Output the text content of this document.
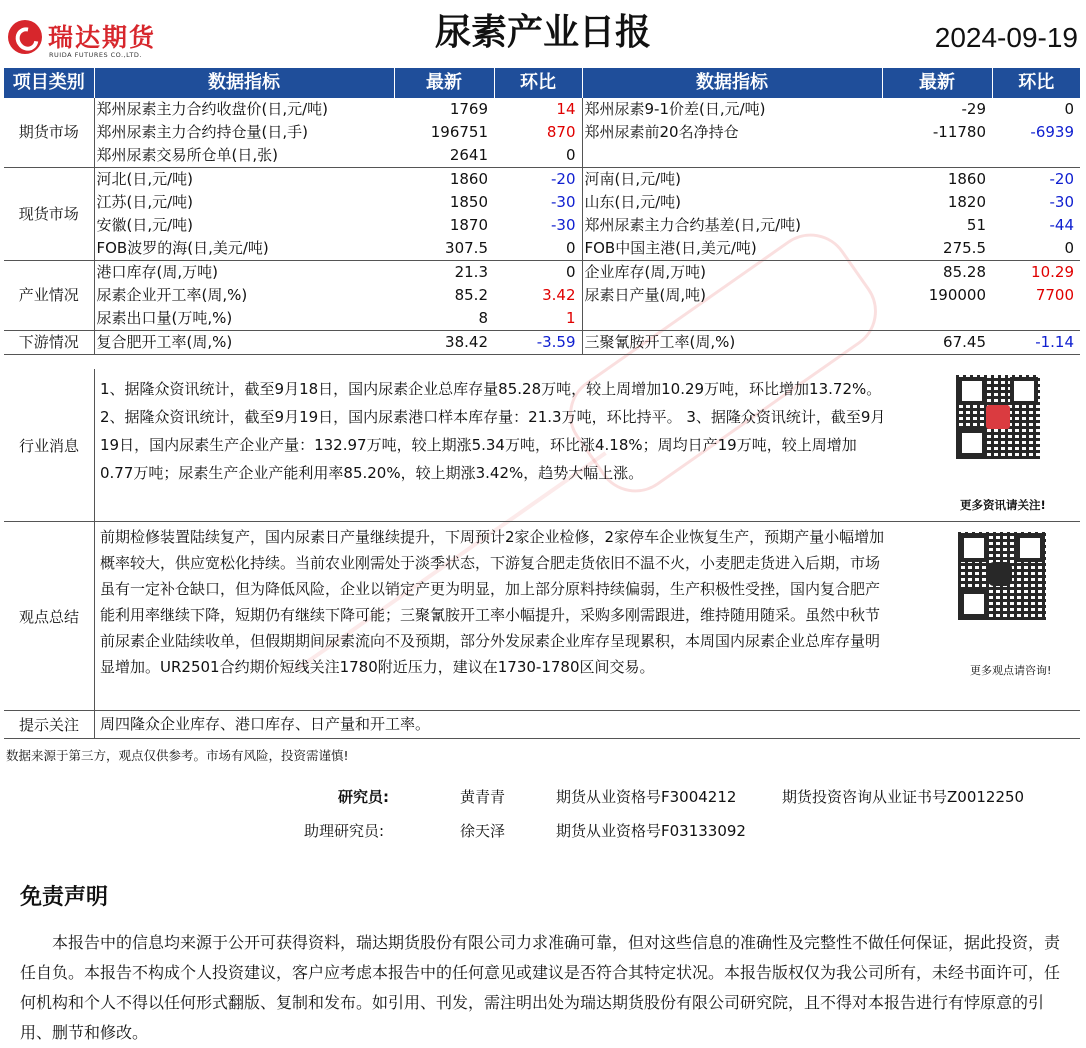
瑞达期货
RUIDA FUTURES CO.,LTD.
尿素产业日报	2024-09-19
项目类别	数据指标	最新	环比	数据指标	最新	环比
期货市场	郑州尿素主力合约收盘价(日,元/吨)	1769	14	郑州尿素9-1价差(日,元/吨)	-29	0
	郑州尿素主力合约持仓量(日,手)	196751	870	郑州尿素前20名净持仓	-11780	-6939
	郑州尿素交易所仓单(日,张)	2641	0			
现货市场	河北(日,元/吨)	1860	-20	河南(日,元/吨)	1860	-20
	江苏(日,元/吨)	1850	-30	山东(日,元/吨)	1820	-30
	安徽(日,元/吨)	1870	-30	郑州尿素主力合约基差(日,元/吨)	51	-44
	FOB波罗的海(日,美元/吨)	307.5	0	FOB中国主港(日,美元/吨)	275.5	0
产业情况	港口库存(周,万吨)	21.3	0	企业库存(周,万吨)	85.28	10.29
	尿素企业开工率(周,%)	85.2	3.42	尿素日产量(周,吨)	190000	7700
	尿素出口量(万吨,%)	8	1			
下游情况	复合肥开工率(周,%)	38.42	-3.59	三聚氰胺开工率(周,%)	67.45	-1.14
行业消息
1、据隆众资讯统计，截至9月18日，国内尿素企业总库存量85.28万吨，较上周增加10.29万吨，环比增加13.72%。 2、据隆众资讯统计，截至9月19日，国内尿素港口样本库存量：21.3万吨，环比持平。 3、据隆众资讯统计，截至9月19日，国内尿素生产企业产量：132.97万吨，较上期涨5.34万吨，环比涨4.18%；周均日产19万吨，较上周增加0.77万吨；尿素生产企业产能利用率85.20%，较上期涨3.42%，趋势大幅上涨。
更多资讯请关注!
观点总结
前期检修装置陆续复产，国内尿素日产量继续提升，下周预计2家企业检修，2家停车企业恢复生产，预期产量小幅增加概率较大，供应宽松化持续。当前农业刚需处于淡季状态，下游复合肥走货依旧不温不火，小麦肥走货进入后期，市场虽有一定补仓缺口，但为降低风险，企业以销定产更为明显，加上部分原料持续偏弱，生产积极性受挫，国内复合肥产能利用率继续下降，短期仍有继续下降可能；三聚氰胺开工率小幅提升，采购多刚需跟进，维持随用随采。虽然中秋节前尿素企业陆续收单，但假期期间尿素流向不及预期，部分外发尿素企业库存呈现累积，本周国内尿素企业总库存量明显增加。UR2501合约期价短线关注1780附近压力，建议在1730-1780区间交易。	更多观点请咨询!
提示关注	周四隆众企业库存、港口库存、日产量和开工率。
数据来源于第三方，观点仅供参考。市场有风险，投资需谨慎!
研究员:	黄青青	期货从业资格号F3004212	期货投资咨询从业证书号Z0012250
助理研究员:	徐天泽	期货从业资格号F03133092
免责声明
本报告中的信息均来源于公开可获得资料，瑞达期货股份有限公司力求准确可靠，但对这些信息的准确性及完整性不做任何保证，据此投资，责任自负。本报告不构成个人投资建议，客户应考虑本报告中的任何意见或建议是否符合其特定状况。本报告版权仅为我公司所有，未经书面许可，任何机构和个人不得以任何形式翻版、复制和发布。如引用、刊发，需注明出处为瑞达期货股份有限公司研究院，且不得对本报告进行有悖原意的引用、删节和修改。
